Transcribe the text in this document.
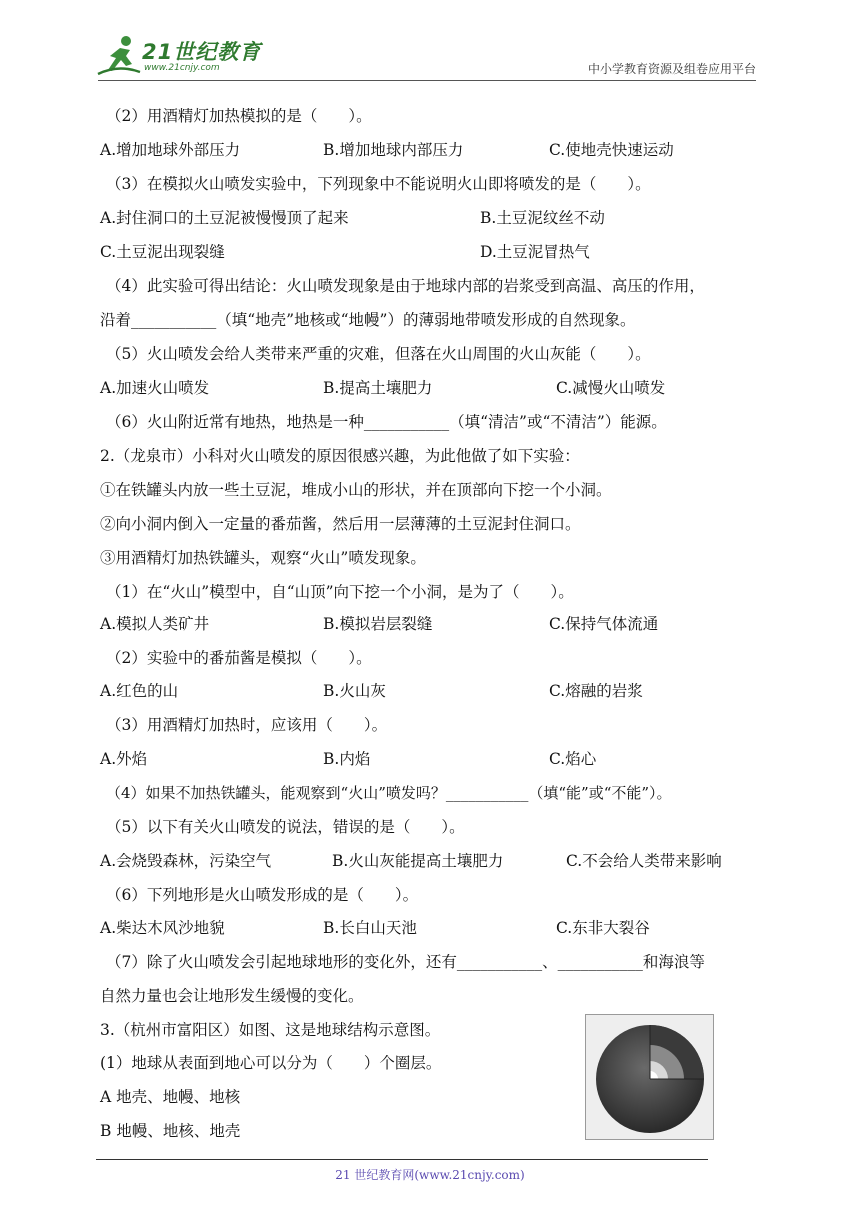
21世纪教育
www.21cnjy.com	中小学教育资源及组卷应用平台
（2）用酒精灯加热模拟的是（　　）。
A.增加地球外部压力	B.增加地球内部压力	C.使地壳快速运动
（3）在模拟火山喷发实验中，下列现象中不能说明火山即将喷发的是（　　）。
A.封住洞口的土豆泥被慢慢顶了起来	B.土豆泥纹丝不动
C.土豆泥出现裂缝	D.土豆泥冒热气
（4）此实验可得出结论：火山喷发现象是由于地球内部的岩浆受到高温、高压的作用，
沿着___________（填“地壳”地核或“地幔”）的薄弱地带喷发形成的自然现象。
（5）火山喷发会给人类带来严重的灾难，但落在火山周围的火山灰能（　　）。
A.加速火山喷发	B.提高土壤肥力	C.减慢火山喷发
（6）火山附近常有地热，地热是一种___________（填“清洁”或“不清洁”）能源。
2.（龙泉市）小科对火山喷发的原因很感兴趣，为此他做了如下实验：
①在铁罐头内放一些土豆泥，堆成小山的形状，并在顶部向下挖一个小洞。
②向小洞内倒入一定量的番茄酱，然后用一层薄薄的土豆泥封住洞口。
③用酒精灯加热铁罐头，观察“火山”喷发现象。
（1）在“火山”模型中，自“山顶”向下挖一个小洞，是为了（　　）。
A.模拟人类矿井	B.模拟岩层裂缝	C.保持气体流通
（2）实验中的番茄酱是模拟（　　）。
A.红色的山	B.火山灰	C.熔融的岩浆
（3）用酒精灯加热时，应该用（　　）。
A.外焰	B.内焰	C.焰心
（4）如果不加热铁罐头，能观察到“火山”喷发吗？___________（填“能”或“不能”）。
（5）以下有关火山喷发的说法，错误的是（　　）。
A.会烧毁森林，污染空气	B.火山灰能提高土壤肥力	C.不会给人类带来影响
（6）下列地形是火山喷发形成的是（　　）。
A.柴达木风沙地貌	B.长白山天池	C.东非大裂谷
（7）除了火山喷发会引起地球地形的变化外，还有___________、___________和海浪等
自然力量也会让地形发生缓慢的变化。
3.（杭州市富阳区）如图、这是地球结构示意图。
(1）地球从表面到地心可以分为（　　）个圈层。
A 地壳、地幔、地核
B 地幔、地核、地壳
21 世纪教育网(www.21cnjy.com)
